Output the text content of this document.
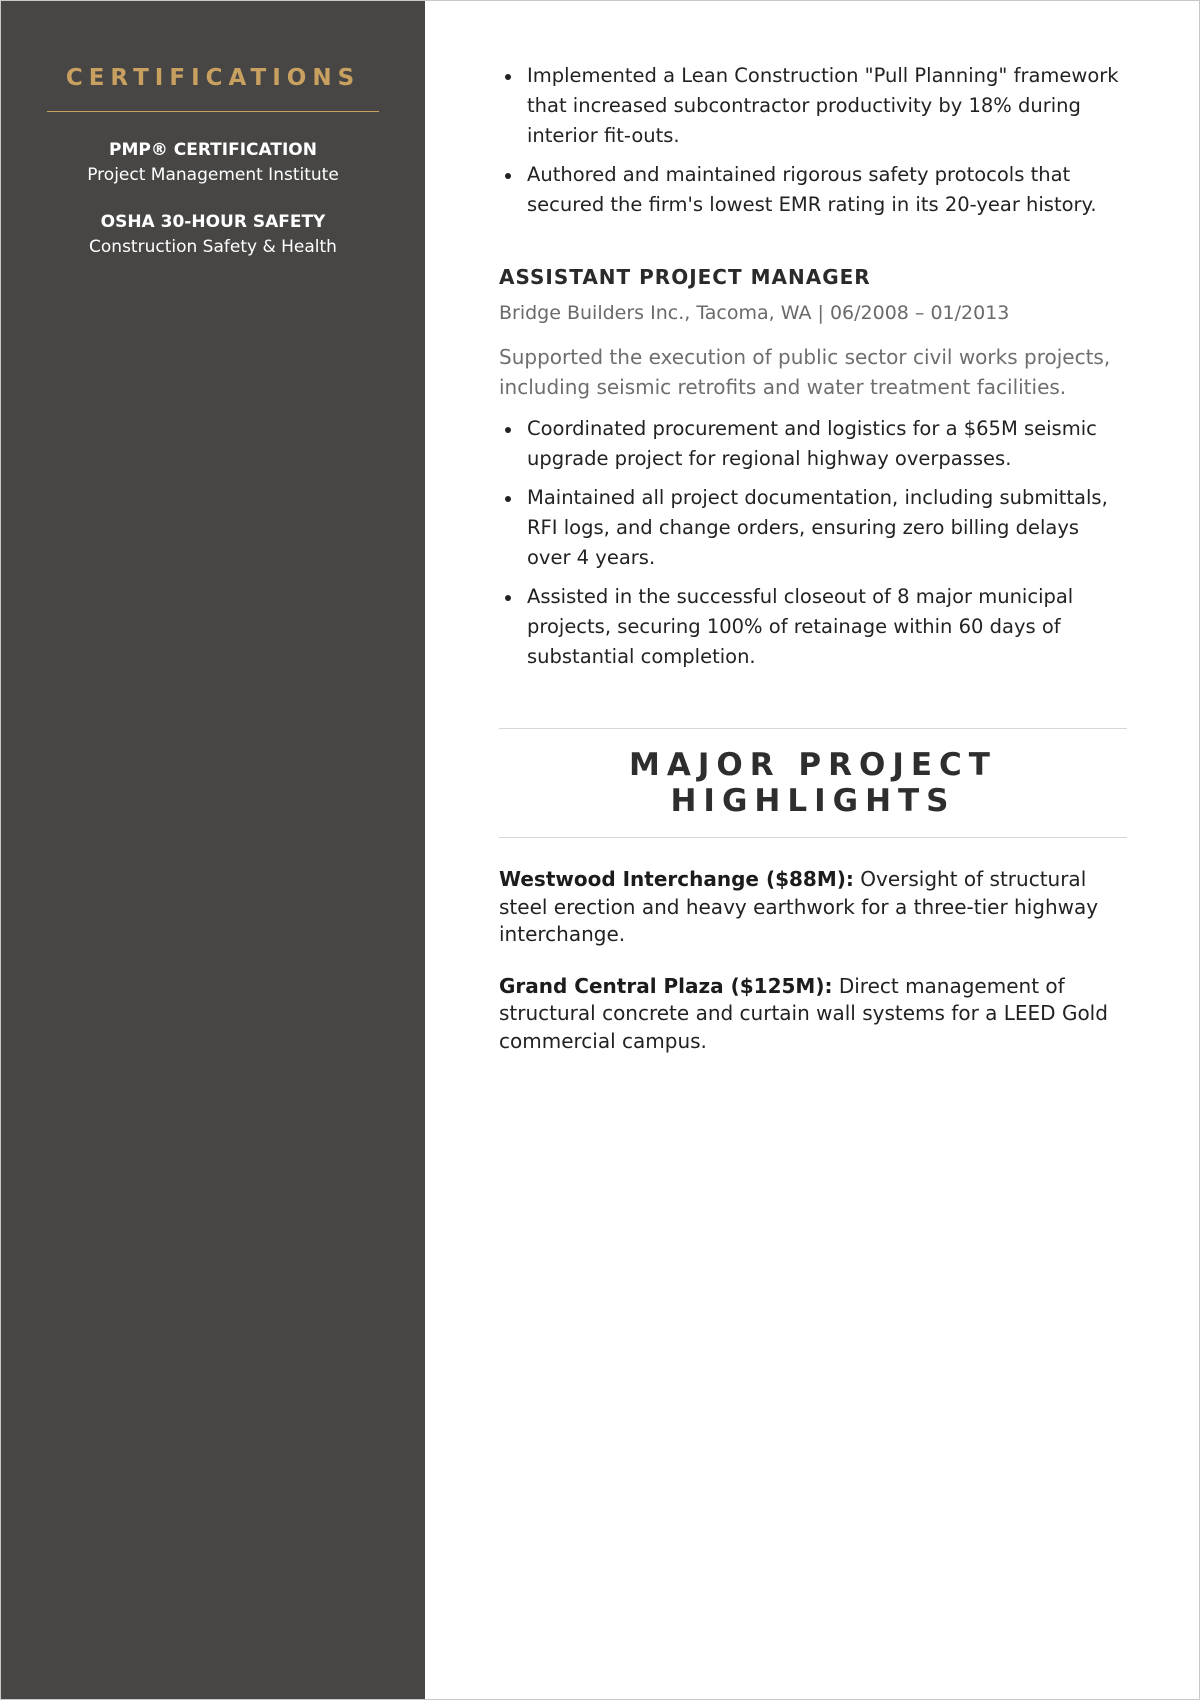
CERTIFICATIONS
PMP® CERTIFICATION
Project Management Institute
OSHA 30-HOUR SAFETY
Construction Safety & Health
Implemented a Lean Construction "Pull Planning" framework that increased subcontractor productivity by 18% during interior fit-outs.
Authored and maintained rigorous safety protocols that secured the firm's lowest EMR rating in its 20-year history.
ASSISTANT PROJECT MANAGER
Bridge Builders Inc., Tacoma, WA | 06/2008 – 01/2013

Supported the execution of public sector civil works projects, including seismic retrofits and water treatment facilities.

Coordinated procurement and logistics for a $65M seismic upgrade project for regional highway overpasses.
Maintained all project documentation, including submittals, RFI logs, and change orders, ensuring zero billing delays over 4 years.
Assisted in the successful closeout of 8 major municipal projects, securing 100% of retainage within 60 days of substantial completion.
MAJOR PROJECT HIGHLIGHTS

Westwood Interchange ($88M): Oversight of structural steel erection and heavy earthwork for a three-tier highway interchange.

Grand Central Plaza ($125M): Direct management of structural concrete and curtain wall systems for a LEED Gold commercial campus.
